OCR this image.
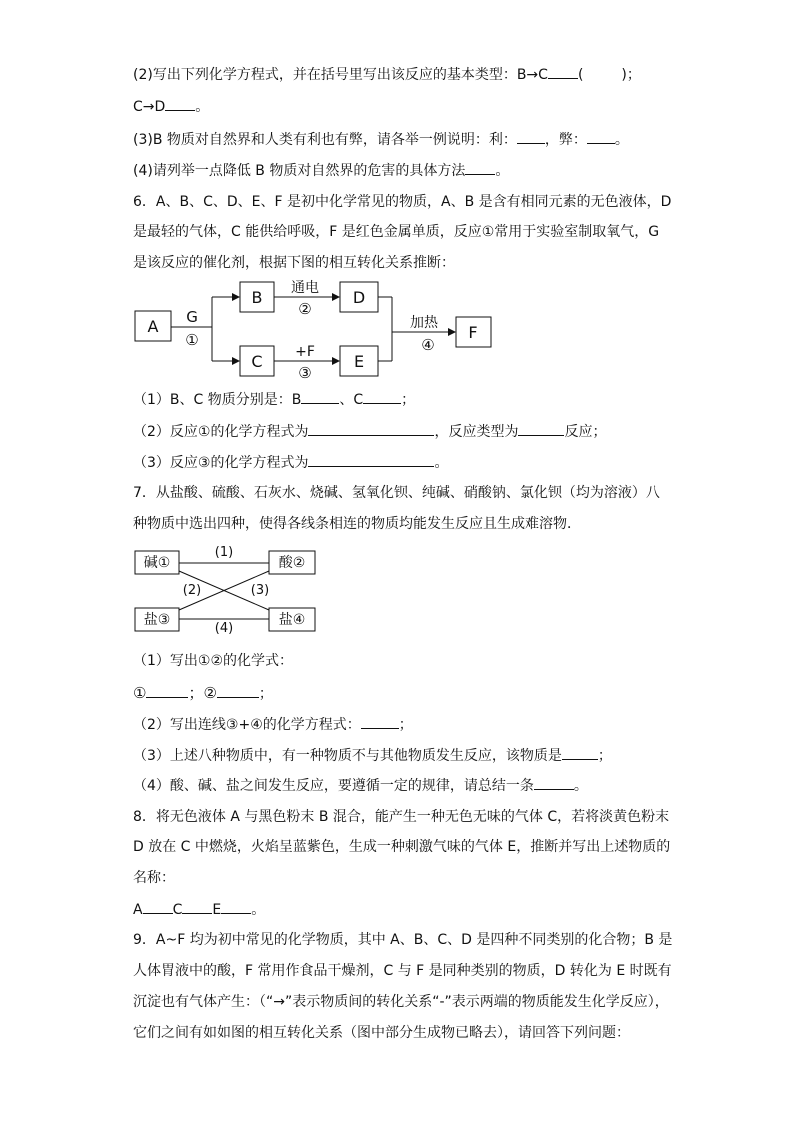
(2)写出下列化学方程式，并在括号里写出该反应的基本类型：B→C (	)；
C→D 。
(3)B 物质对自然界和人类有利也有弊，请各举一例说明：利： ，弊： 。
(4)请列举一点降低 B 物质对自然界的危害的具体方法 。
6．A、B、C、D、E、F 是初中化学常见的物质，A、B 是含有相同元素的无色液体，D
是最轻的气体，C 能供给呼吸，F 是红色金属单质，反应①常用于实验室制取氧气，G
是该反应的催化剂，根据下图的相互转化关系推断：
A
B	D
C	E
F
G
①
通电
②
+F
③
加热
④
（1）B、C 物质分别是：B	、C	；
（2）反应①的化学方程式为	，反应类型为	反应；
（3）反应③的化学方程式为	。
7．从盐酸、硫酸、石灰水、烧碱、氢氧化钡、纯碱、硝酸钠、氯化钡（均为溶液）八
种物质中选出四种，使得各线条相连的物质均能发生反应且生成难溶物．
碱①	酸②
盐③	盐④
(1)
(2)	(3)
(4)
（1）写出①②的化学式：
①	；②	；
（2）写出连线③+④的化学方程式：	；
（3）上述八种物质中，有一种物质不与其他物质发生反应，该物质是	；
（4）酸、碱、盐之间发生反应，要遵循一定的规律，请总结一条	。
8．将无色液体 A 与黑色粉末 B 混合，能产生一种无色无味的气体 C，若将淡黄色粉末
D 放在 C 中燃烧，火焰呈蓝紫色，生成一种刺激气味的气体 E，推断并写出上述物质的
名称：
A C E 。
9．A~F 均为初中常见的化学物质，其中 A、B、C、D 是四种不同类别的化合物；B 是
人体胃液中的酸，F 常用作食品干燥剂，C 与 F 是同种类别的物质，D 转化为 E 时既有
沉淀也有气体产生：（“→”表示物质间的转化关系“-”表示两端的物质能发生化学反应），
它们之间有如如图的相互转化关系（图中部分生成物已略去），请回答下列问题：
